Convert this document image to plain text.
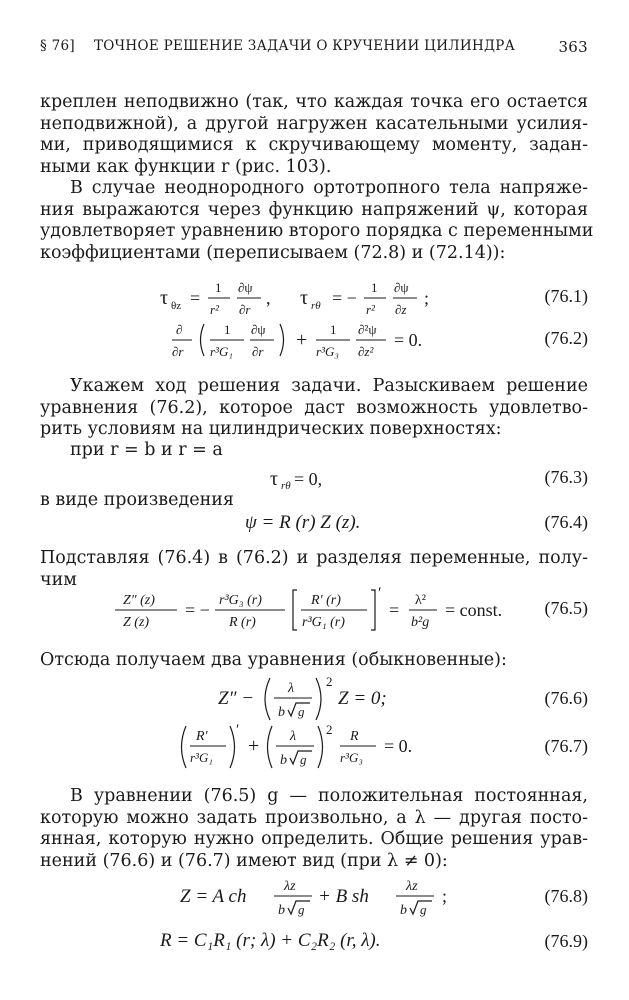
§ 76] ТОЧНОЕ РЕШЕНИЕ ЗАДАЧИ О КРУЧЕНИИ ЦИЛИНДРА	363
креплен неподвижно (так, что каждая точка его остается
неподвижной), а другой нагружен касательными усилия-
ми, приводящимися к скручивающему моменту, задан-
ными как функции r (рис. 103).
В случае неоднородного ортотропного тела напряже-
ния выражаются через функцию напряжений ψ, которая
удовлетворяет уравнению второго порядка с переменными
коэффициентами (переписываем (72.8) и (72.14)):
τ θz =
1
r²
∂ψ
∂r
, τ rθ = −
1
r²
∂ψ
∂z
;	(76.1)
∂
∂r
1
r³G₁
∂ψ
∂r
+ 1
r³G₃
∂²ψ
∂z²
= 0.	(76.2)
Укажем ход решения задачи. Разыскиваем решение
уравнения (76.2), которое даст возможность удовлетво-
рить условиям на цилиндрических поверхностях:
при r = b и r = a
τ rθ = 0,	(76.3)
в виде произведения
ψ = R (r) Z (z).	(76.4)
Подставляя (76.4) в (76.2) и разделяя переменные, полу-
чим
Z″ (z)
Z (z)
= − r³G₃ (r)
R (r)
R′ (r)
r³G₁ (r)
′
= λ²
b²g
= const. (76.5)
Отсюда получаем два уравнения (обыкновенные):
Z″ − λ
b g
2
Z = 0;	(76.6)
R′
r³G₁
′
+ λ
b g
2 R
r³G₃
= 0.	(76.7)
В уравнении (76.5) g — положительная постоянная,
которую можно задать произвольно, а λ — другая посто-
янная, которую нужно определить. Общие решения урав-
нений (76.6) и (76.7) имеют вид (при λ ≠ 0):
Z = A ch	λz
b g
+ B sh	λz
b g
;	(76.8)
R = C₁R₁ (r; λ) + C₂R₂ (r, λ).	(76.9)
